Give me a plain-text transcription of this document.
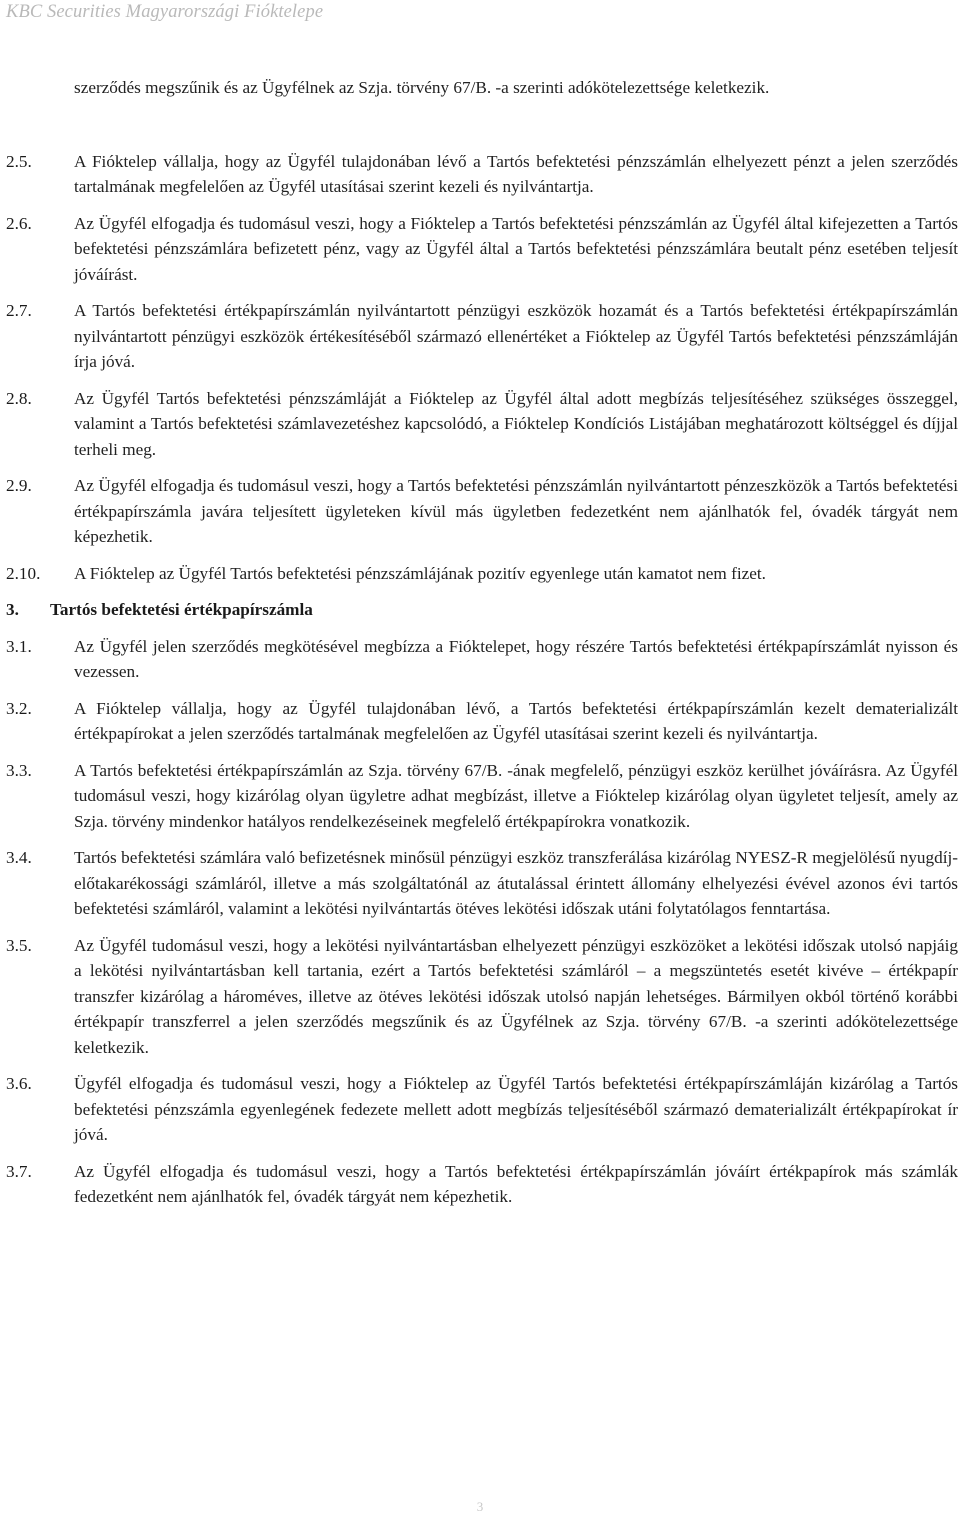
KBC Securities Magyarországi Fióktelepe
szerződés megszűnik és az Ügyfélnek az Szja. törvény 67/B. -a szerinti adókötelezettsége keletkezik.
2.5.	A Fióktelep vállalja, hogy az Ügyfél tulajdonában lévő a Tartós befektetési pénzszámlán elhelyezett pénzt a jelen szerződés tartalmának megfelelően az Ügyfél utasításai szerint kezeli és nyilvántartja.
2.6.	Az Ügyfél elfogadja és tudomásul veszi, hogy a Fióktelep a Tartós befektetési pénzszámlán az Ügyfél által kifejezetten a Tartós befektetési pénzszámlára befizetett pénz, vagy az Ügyfél által a Tartós befektetési pénzszámlára beutalt pénz esetében teljesít jóváírást.
2.7.	A Tartós befektetési értékpapírszámlán nyilvántartott pénzügyi eszközök hozamát és a Tartós befektetési értékpapírszámlán nyilvántartott pénzügyi eszközök értékesítéséből származó ellenértéket a Fióktelep az Ügyfél Tartós befektetési pénzszámláján írja jóvá.
2.8.	Az Ügyfél Tartós befektetési pénzszámláját a Fióktelep az Ügyfél által adott megbízás teljesítéséhez szükséges összeggel, valamint a Tartós befektetési számlavezetéshez kapcsolódó, a Fióktelep Kondíciós Listájában meghatározott költséggel és díjjal terheli meg.
2.9.	Az Ügyfél elfogadja és tudomásul veszi, hogy a Tartós befektetési pénzszámlán nyilvántartott pénzeszközök a Tartós befektetési értékpapírszámla javára teljesített ügyleteken kívül más ügyletben fedezetként nem ajánlhatók fel, óvadék tárgyát nem képezhetik.
2.10.	A Fióktelep az Ügyfél Tartós befektetési pénzszámlájának pozitív egyenlege után kamatot nem fizet.
3.	Tartós befektetési értékpapírszámla
3.1.	Az Ügyfél jelen szerződés megkötésével megbízza a Fióktelepet, hogy részére Tartós befektetési értékpapírszámlát nyisson és vezessen.
3.2.	A Fióktelep vállalja, hogy az Ügyfél tulajdonában lévő, a Tartós befektetési értékpapírszámlán kezelt dematerializált értékpapírokat a jelen szerződés tartalmának megfelelően az Ügyfél utasításai szerint kezeli és nyilvántartja.
3.3.	A Tartós befektetési értékpapírszámlán az Szja. törvény 67/B. -ának megfelelő, pénzügyi eszköz kerülhet jóváírásra. Az Ügyfél tudomásul veszi, hogy kizárólag olyan ügyletre adhat megbízást, illetve a Fióktelep kizárólag olyan ügyletet teljesít, amely az Szja. törvény mindenkor hatályos rendelkezéseinek megfelelő értékpapírokra vonatkozik.
3.4.	Tartós befektetési számlára való befizetésnek minősül pénzügyi eszköz transzferálása kizárólag NYESZ-R megjelölésű nyugdíj-előtakarékossági számláról, illetve a más szolgáltatónál az átutalással érintett állomány elhelyezési évével azonos évi tartós befektetési számláról, valamint a lekötési nyilvántartás ötéves lekötési időszak utáni folytatólagos fenntartása.
3.5.	Az Ügyfél tudomásul veszi, hogy a lekötési nyilvántartásban elhelyezett pénzügyi eszközöket a lekötési időszak utolsó napjáig a lekötési nyilvántartásban kell tartania, ezért a Tartós befektetési számláról – a megszüntetés esetét kivéve – értékpapír transzfer kizárólag a hároméves, illetve az ötéves lekötési időszak utolsó napján lehetséges. Bármilyen okból történő korábbi értékpapír transzferrel a jelen szerződés megszűnik és az Ügyfélnek az Szja. törvény 67/B. -a szerinti adókötelezettsége keletkezik.
3.6.	Ügyfél elfogadja és tudomásul veszi, hogy a Fióktelep az Ügyfél Tartós befektetési értékpapírszámláján kizárólag a Tartós befektetési pénzszámla egyenlegének fedezete mellett adott megbízás teljesítéséből származó dematerializált értékpapírokat ír jóvá.
3.7.	Az Ügyfél elfogadja és tudomásul veszi, hogy a Tartós befektetési értékpapírszámlán jóváírt értékpapírok más számlák fedezetként nem ajánlhatók fel, óvadék tárgyát nem képezhetik.
3
